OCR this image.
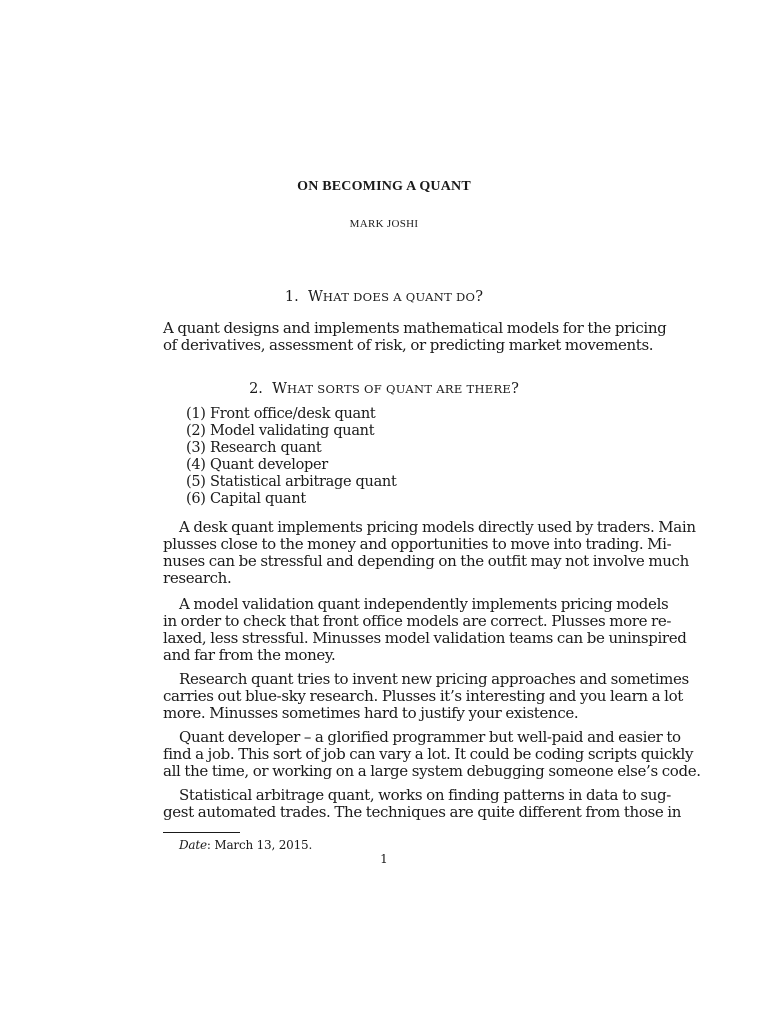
ON BECOMING A QUANT
MARK JOSHI
1. WHAT DOES A QUANT DO?
A quant designs and implements mathematical models for the pricing
of derivatives, assessment of risk, or predicting market movements.
2. WHAT SORTS OF QUANT ARE THERE?
(1) Front office/desk quant
(2) Model validating quant
(3) Research quant
(4) Quant developer
(5) Statistical arbitrage quant
(6) Capital quant
A desk quant implements pricing models directly used by traders. Main
plusses close to the money and opportunities to move into trading. Mi-
nuses can be stressful and depending on the outfit may not involve much
research.
A model validation quant independently implements pricing models
in order to check that front office models are correct. Plusses more re-
laxed, less stressful. Minusses model validation teams can be uninspired
and far from the money.
Research quant tries to invent new pricing approaches and sometimes
carries out blue-sky research. Plusses it’s interesting and you learn a lot
more. Minusses sometimes hard to justify your existence.
Quant developer – a glorified programmer but well-paid and easier to
find a job. This sort of job can vary a lot. It could be coding scripts quickly
all the time, or working on a large system debugging someone else’s code.
Statistical arbitrage quant, works on finding patterns in data to sug-
gest automated trades. The techniques are quite different from those in
Date: March 13, 2015.
1
